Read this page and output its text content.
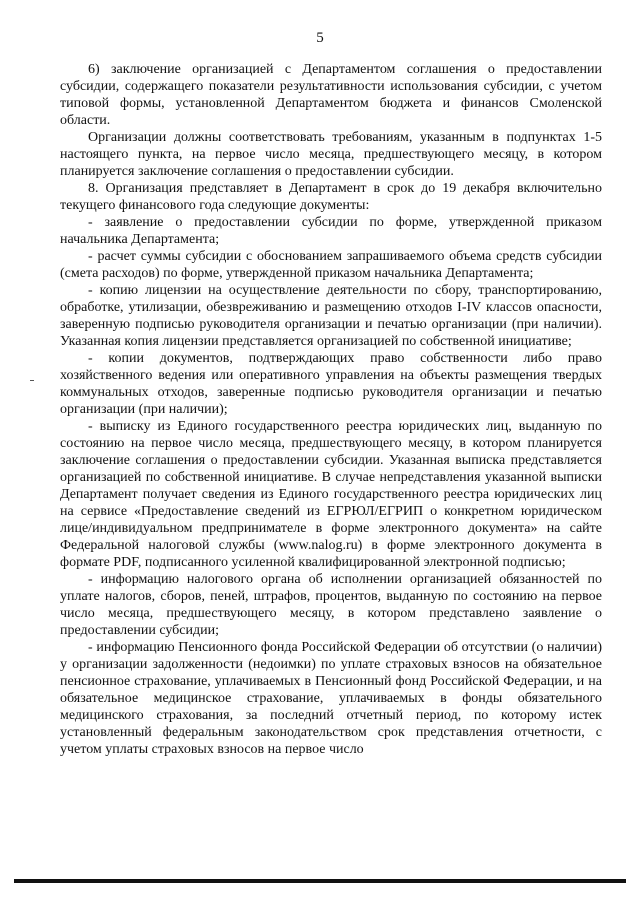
5

6) заключение организацией с Департаментом соглашения о предоставлении субсидии, содержащего показатели результативности использования субсидии, с учетом типовой формы, установленной Департаментом бюджета и финансов Смоленской области.

Организации должны соответствовать требованиям, указанным в подпунктах 1-5 настоящего пункта, на первое число месяца, предшествующего месяцу, в котором планируется заключение соглашения о предоставлении субсидии.

8. Организация представляет в Департамент в срок до 19 декабря включительно текущего финансового года следующие документы:

- заявление о предоставлении субсидии по форме, утвержденной приказом начальника Департамента;

- расчет суммы субсидии с обоснованием запрашиваемого объема средств субсидии (смета расходов) по форме, утвержденной приказом начальника Департамента;

- копию лицензии на осуществление деятельности по сбору, транспортированию, обработке, утилизации, обезвреживанию и размещению отходов I-IV классов опасности, заверенную подписью руководителя организации и печатью организации (при наличии). Указанная копия лицензии представляется организацией по собственной инициативе;

- копии документов, подтверждающих право собственности либо право хозяйственного ведения или оперативного управления на объекты размещения твердых коммунальных отходов, заверенные подписью руководителя организации и печатью организации (при наличии);

- выписку из Единого государственного реестра юридических лиц, выданную по состоянию на первое число месяца, предшествующего месяцу, в котором планируется заключение соглашения о предоставлении субсидии. Указанная выписка представляется организацией по собственной инициативе. В случае непредставления указанной выписки Департамент получает сведения из Единого государственного реестра юридических лиц на сервисе «Предоставление сведений из ЕГРЮЛ/ЕГРИП о конкретном юридическом лице/индивидуальном предпринимателе в форме электронного документа» на сайте Федеральной налоговой службы (www.nalog.ru) в форме электронного документа в формате PDF, подписанного усиленной квалифицированной электронной подписью;

- информацию налогового органа об исполнении организацией обязанностей по уплате налогов, сборов, пеней, штрафов, процентов, выданную по состоянию на первое число месяца, предшествующего месяцу, в котором представлено заявление о предоставлении субсидии;

- информацию Пенсионного фонда Российской Федерации об отсутствии (о наличии) у организации задолженности (недоимки) по уплате страховых взносов на обязательное пенсионное страхование, уплачиваемых в Пенсионный фонд Российской Федерации, и на обязательное медицинское страхование, уплачиваемых в фонды обязательного медицинского страхования, за последний отчетный период, по которому истек установленный федеральным законодательством срок представления отчетности, с учетом уплаты страховых взносов на первое число
